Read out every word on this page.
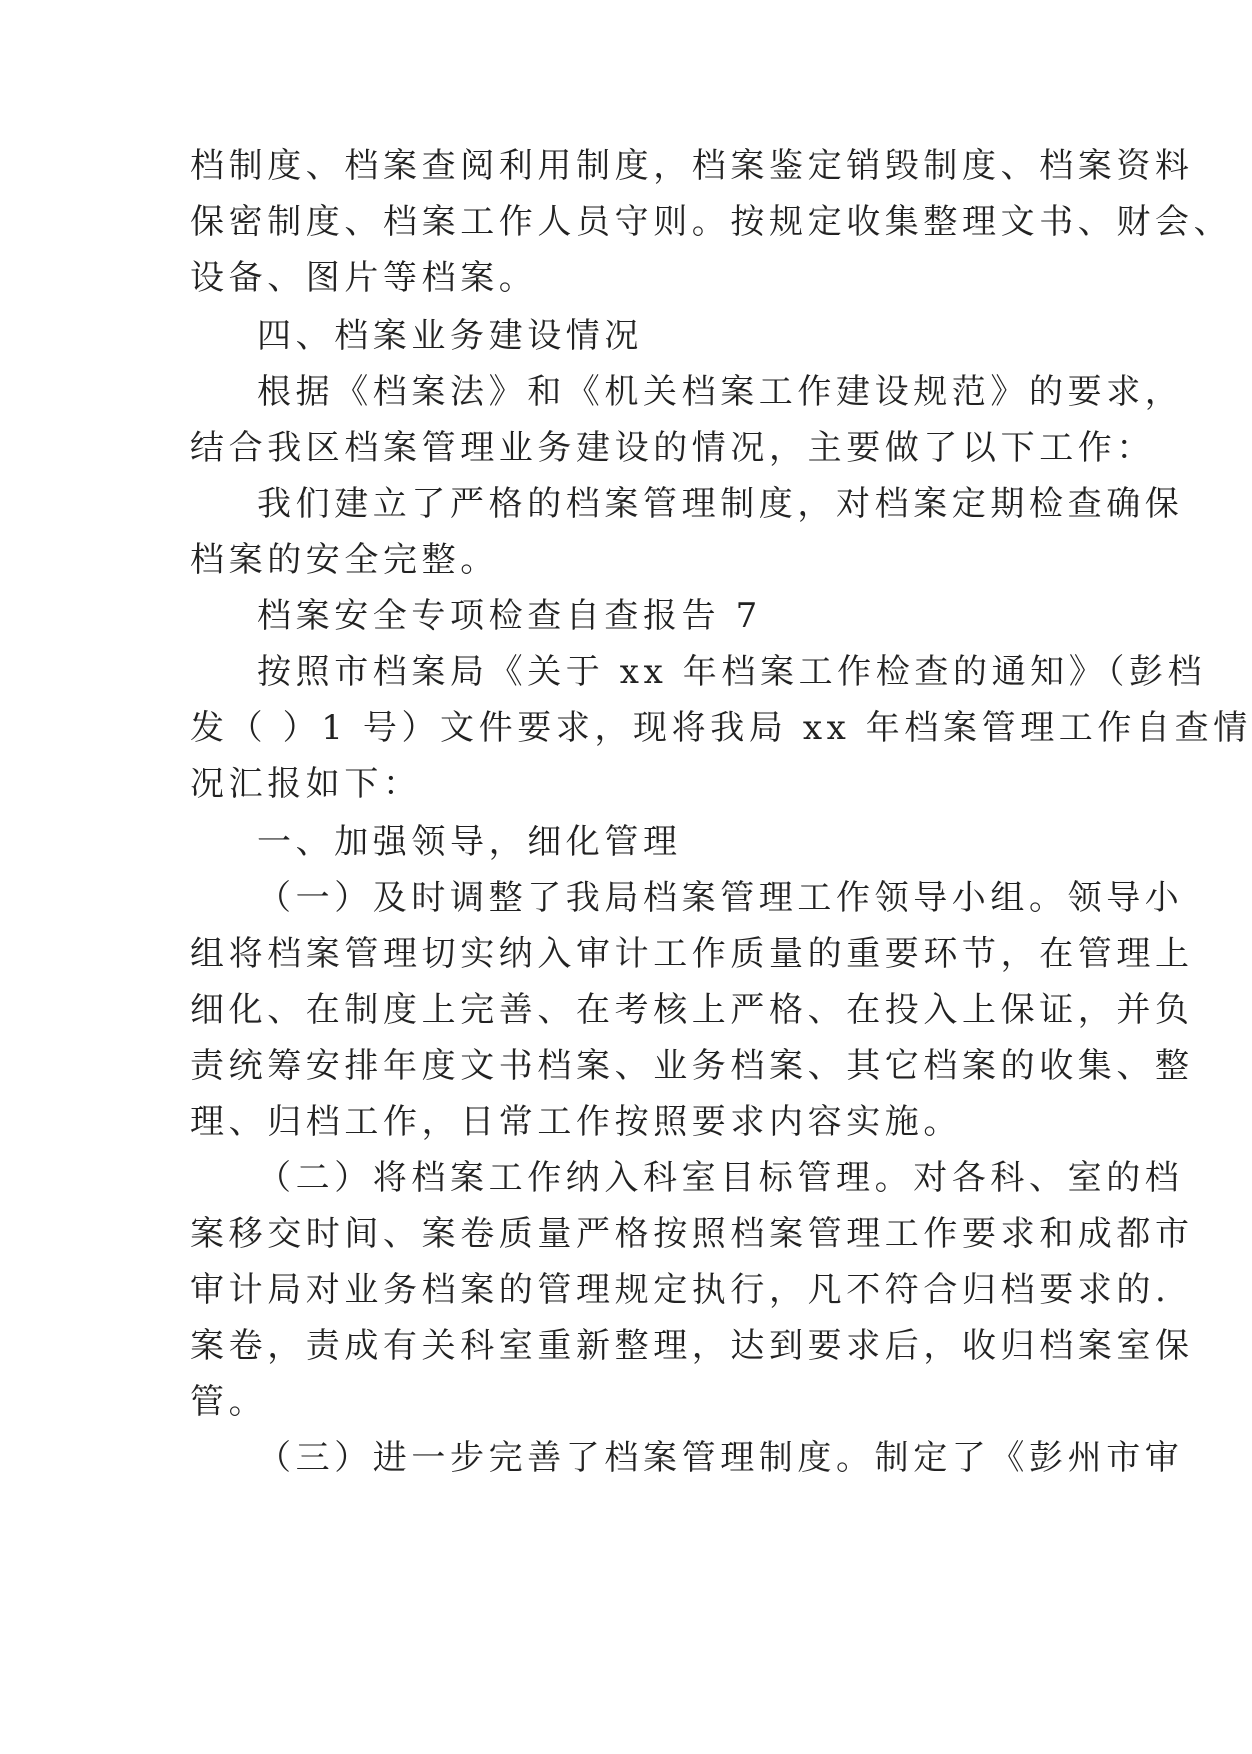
档制度、档案查阅利用制度，档案鉴定销毁制度、档案资料
保密制度、档案工作人员守则。按规定收集整理文书、财会、
设备、图片等档案。
四、档案业务建设情况
根据《档案法》和《机关档案工作建设规范》的要求，
结合我区档案管理业务建设的情况，主要做了以下工作：
我们建立了严格的档案管理制度，对档案定期检查确保
档案的安全完整。
档案安全专项检查自查报告 7
按照市档案局《关于 xx 年档案工作检查的通知》（彭档
发（ ）1 号）文件要求，现将我局 xx 年档案管理工作自查情
况汇报如下：
一、加强领导，细化管理
（一）及时调整了我局档案管理工作领导小组。领导小
组将档案管理切实纳入审计工作质量的重要环节，在管理上
细化、在制度上完善、在考核上严格、在投入上保证，并负
责统筹安排年度文书档案、业务档案、其它档案的收集、整
理、归档工作，日常工作按照要求内容实施。
（二）将档案工作纳入科室目标管理。对各科、室的档
案移交时间、案卷质量严格按照档案管理工作要求和成都市
审计局对业务档案的管理规定执行，凡不符合归档要求的.
案卷，责成有关科室重新整理，达到要求后，收归档案室保
管。
（三）进一步完善了档案管理制度。制定了《彭州市审
